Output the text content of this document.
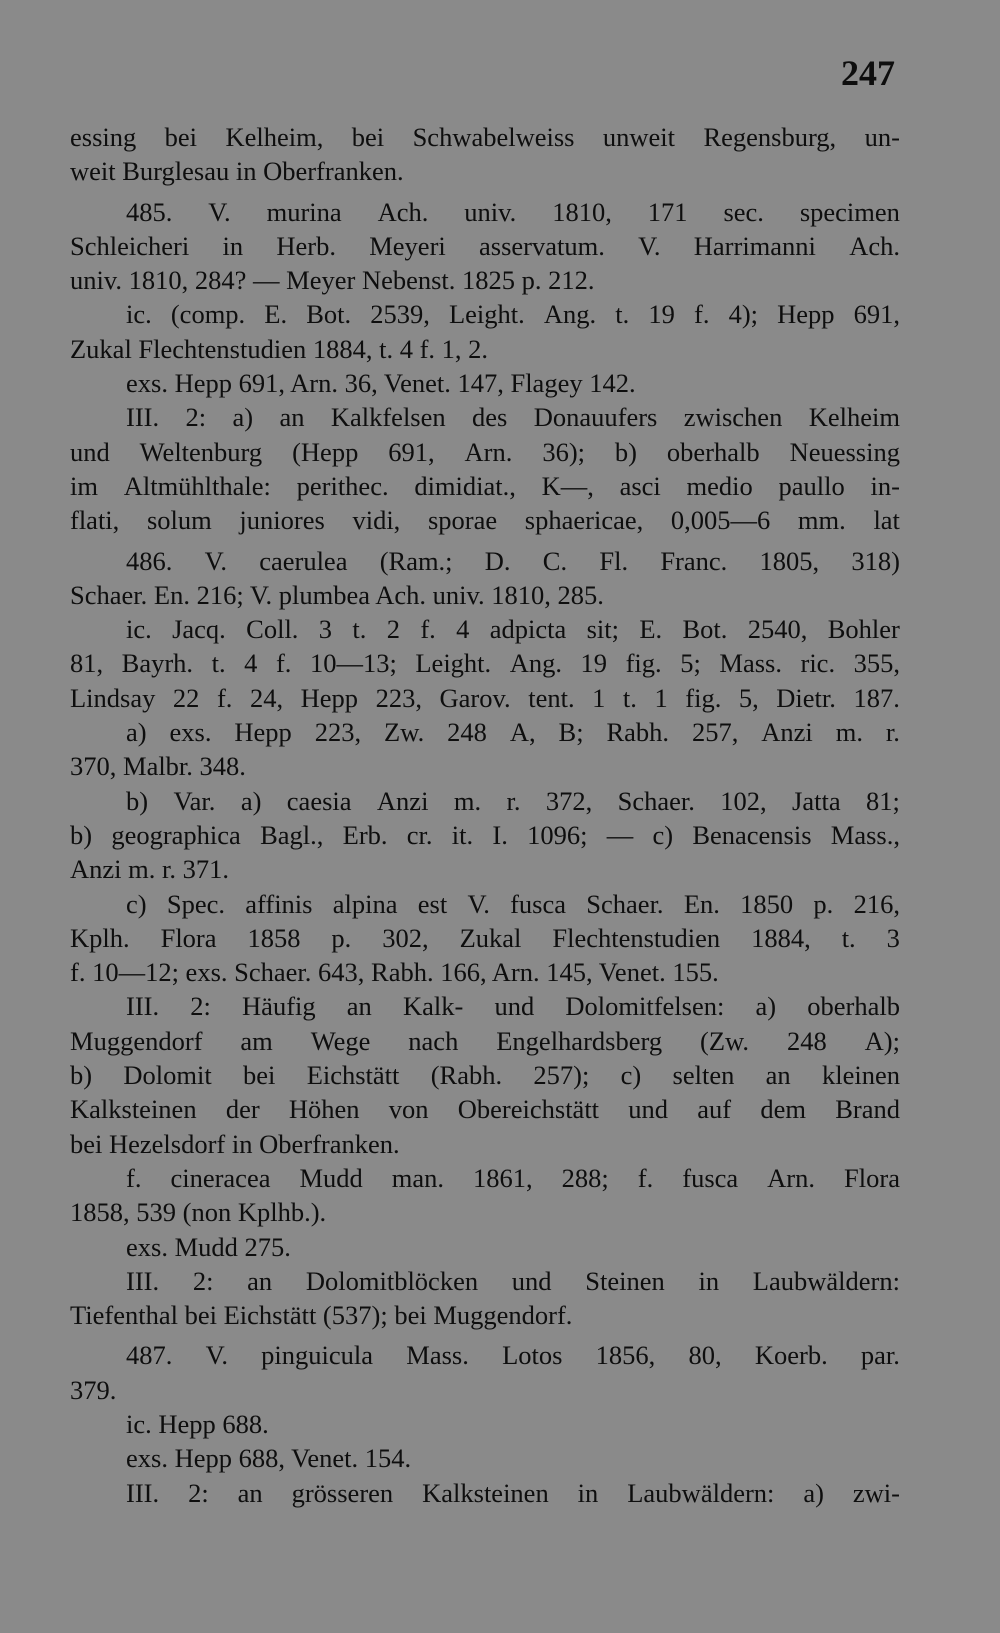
247
essing bei Kelheim, bei Schwabelweiss unweit Regensburg, un-
weit Burglesau in Oberfranken.
485. V. murina Ach. univ. 1810, 171 sec. specimen
Schleicheri in Herb. Meyeri asservatum. V. Harrimanni Ach.
univ. 1810, 284? — Meyer Nebenst. 1825 p. 212.
ic. (comp. E. Bot. 2539, Leight. Ang. t. 19 f. 4); Hepp 691,
Zukal Flechtenstudien 1884, t. 4 f. 1, 2.
exs. Hepp 691, Arn. 36, Venet. 147, Flagey 142.
III. 2: a) an Kalkfelsen des Donauufers zwischen Kelheim
und Weltenburg (Hepp 691, Arn. 36); b) oberhalb Neuessing
im Altmühlthale: perithec. dimidiat., K—, asci medio paullo in-
flati, solum juniores vidi, sporae sphaericae, 0,005—6 mm. lat
486. V. caerulea (Ram.; D. C. Fl. Franc. 1805, 318)
Schaer. En. 216; V. plumbea Ach. univ. 1810, 285.
ic. Jacq. Coll. 3 t. 2 f. 4 adpicta sit; E. Bot. 2540, Bohler
81, Bayrh. t. 4 f. 10—13; Leight. Ang. 19 fig. 5; Mass. ric. 355,
Lindsay 22 f. 24, Hepp 223, Garov. tent. 1 t. 1 fig. 5, Dietr. 187.
a) exs. Hepp 223, Zw. 248 A, B; Rabh. 257, Anzi m. r.
370, Malbr. 348.
b) Var. a) caesia Anzi m. r. 372, Schaer. 102, Jatta 81;
b) geographica Bagl., Erb. cr. it. I. 1096; — c) Benacensis Mass.,
Anzi m. r. 371.
c) Spec. affinis alpina est V. fusca Schaer. En. 1850 p. 216,
Kplh. Flora 1858 p. 302, Zukal Flechtenstudien 1884, t. 3
f. 10—12; exs. Schaer. 643, Rabh. 166, Arn. 145, Venet. 155.
III. 2: Häufig an Kalk- und Dolomitfelsen: a) oberhalb
Muggendorf am Wege nach Engelhardsberg (Zw. 248 A);
b) Dolomit bei Eichstätt (Rabh. 257); c) selten an kleinen
Kalksteinen der Höhen von Obereichstätt und auf dem Brand
bei Hezelsdorf in Oberfranken.
f. cineracea Mudd man. 1861, 288; f. fusca Arn. Flora
1858, 539 (non Kplhb.).
exs. Mudd 275.
III. 2: an Dolomitblöcken und Steinen in Laubwäldern:
Tiefenthal bei Eichstätt (537); bei Muggendorf.
487. V. pinguicula Mass. Lotos 1856, 80, Koerb. par.
379.
ic. Hepp 688.
exs. Hepp 688, Venet. 154.
III. 2: an grösseren Kalksteinen in Laubwäldern: a) zwi-
